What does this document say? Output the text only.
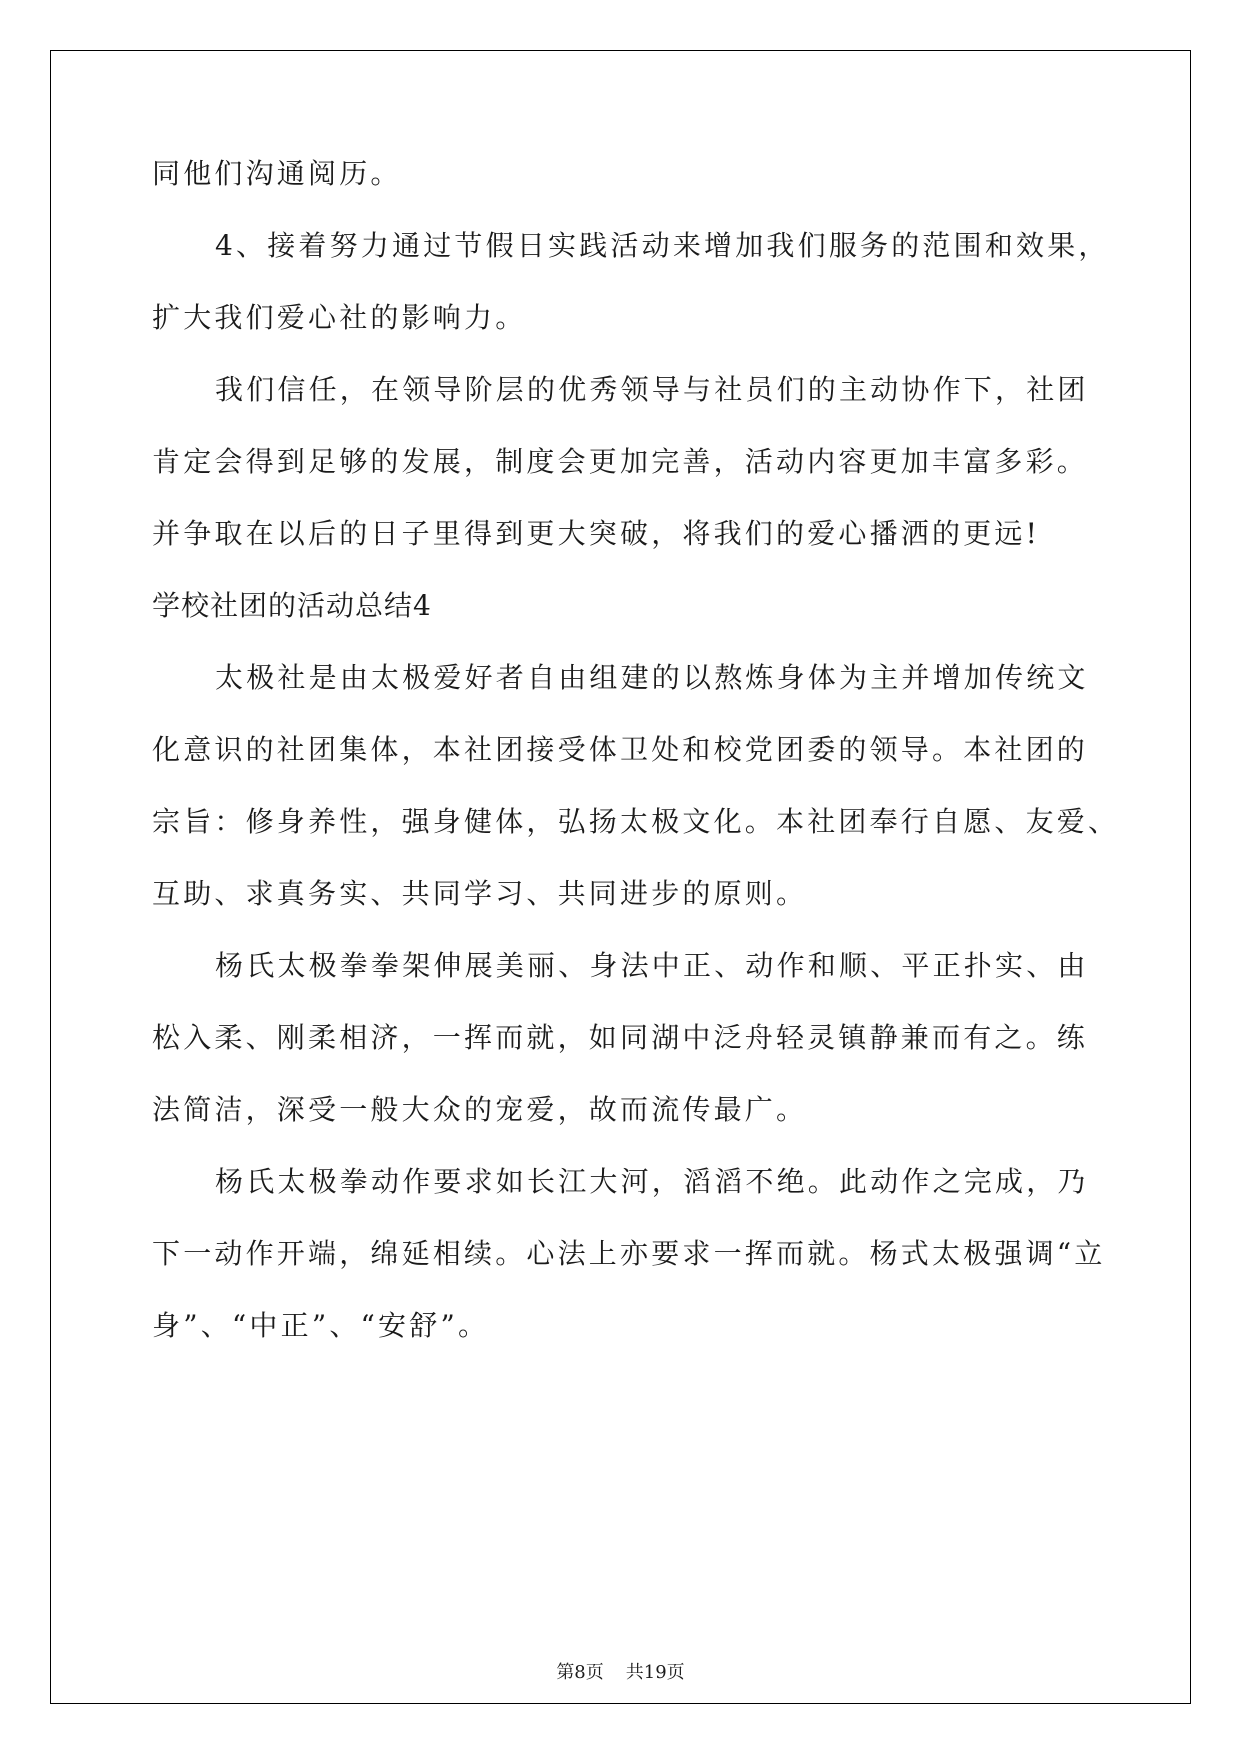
同他们沟通阅历。

4、接着努力通过节假日实践活动来增加我们服务的范围和效果，

扩大我们爱心社的影响力。

我们信任，在领导阶层的优秀领导与社员们的主动协作下，社团

肯定会得到足够的发展，制度会更加完善，活动内容更加丰富多彩。

并争取在以后的日子里得到更大突破，将我们的爱心播洒的更远!

学校社团的活动总结4

太极社是由太极爱好者自由组建的以熬炼身体为主并增加传统文

化意识的社团集体，本社团接受体卫处和校党团委的领导。本社团的

宗旨：修身养性，强身健体，弘扬太极文化。本社团奉行自愿、友爱、

互助、求真务实、共同学习、共同进步的原则。

杨氏太极拳拳架伸展美丽、身法中正、动作和顺、平正扑实、由

松入柔、刚柔相济，一挥而就，如同湖中泛舟轻灵镇静兼而有之。练

法简洁，深受一般大众的宠爱，故而流传最广。

杨氏太极拳动作要求如长江大河，滔滔不绝。此动作之完成，乃

下一动作开端，绵延相续。心法上亦要求一挥而就。杨式太极强调“立

身”、“中正”、“安舒”。

第8页 共19页
